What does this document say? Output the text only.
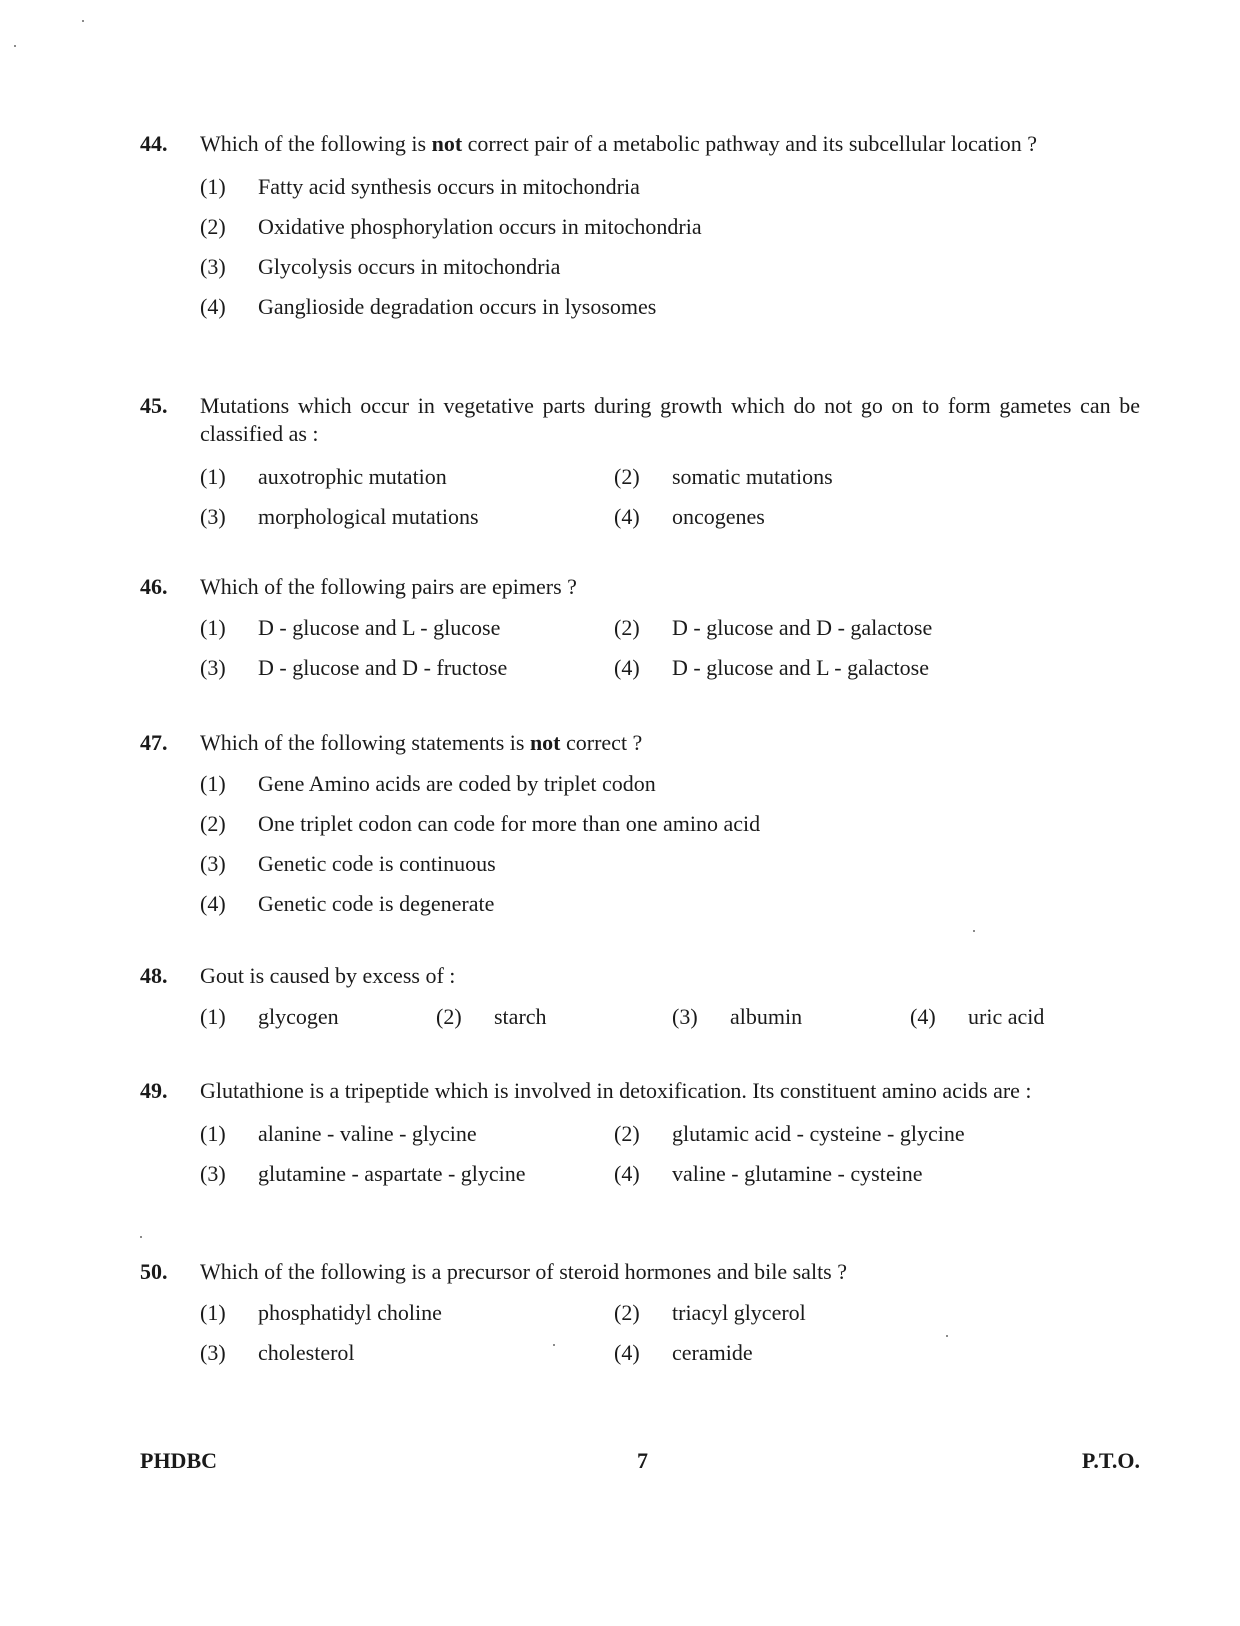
44.	Which of the following is not correct pair of a metabolic pathway and its subcellular location ?
(1)	Fatty acid synthesis occurs in mitochondria
(2)	Oxidative phosphorylation occurs in mitochondria
(3)	Glycolysis occurs in mitochondria
(4)	Ganglioside degradation occurs in lysosomes
45.	Mutations which occur in vegetative parts during growth which do not go on to form gametes can be classified as :
(1)	auxotrophic mutation	(2)	somatic mutations
(3)	morphological mutations	(4)	oncogenes
46.	Which of the following pairs are epimers ?
(1)	D - glucose and L - glucose	(2)	D - glucose and D - galactose
(3)	D - glucose and D - fructose	(4)	D - glucose and L - galactose
47.	Which of the following statements is not correct ?
(1)	Gene Amino acids are coded by triplet codon
(2)	One triplet codon can code for more than one amino acid
(3)	Genetic code is continuous
(4)	Genetic code is degenerate
48.	Gout is caused by excess of :
(1)	glycogen	(2)	starch	(3)	albumin	(4)	uric acid
49.	Glutathione is a tripeptide which is involved in detoxification. Its constituent amino acids are :
(1)	alanine - valine - glycine	(2)	glutamic acid - cysteine - glycine
(3)	glutamine - aspartate - glycine	(4)	valine - glutamine - cysteine
50.	Which of the following is a precursor of steroid hormones and bile salts ?
(1)	phosphatidyl choline	(2)	triacyl glycerol
(3)	cholesterol	(4)	ceramide
PHDBC	7	P.T.O.
